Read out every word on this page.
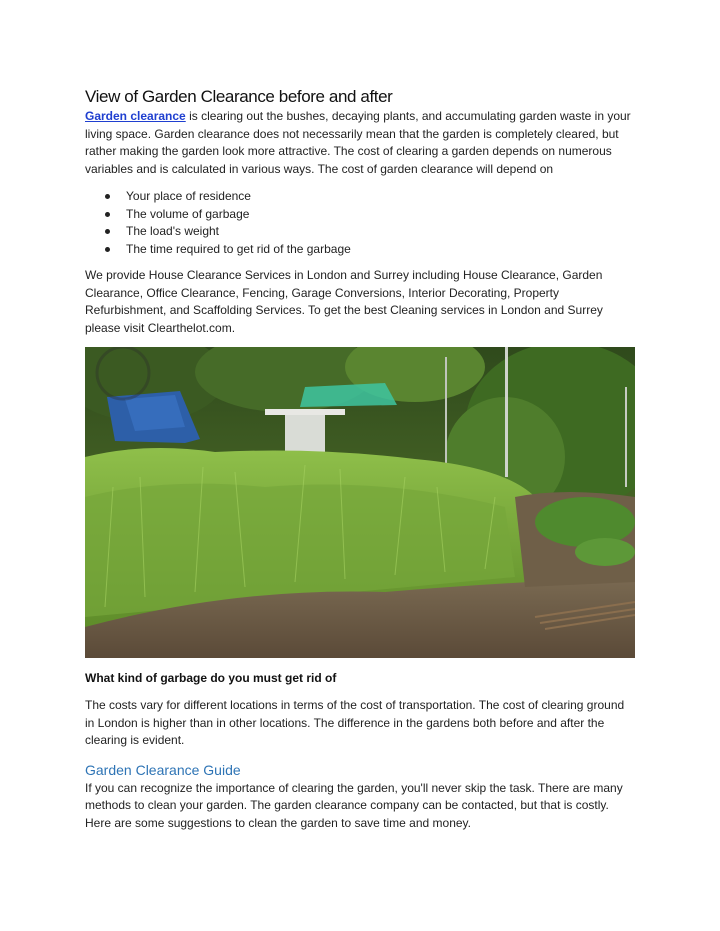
View of Garden Clearance before and after

Garden clearance is clearing out the bushes, decaying plants, and accumulating garden waste in your living space. Garden clearance does not necessarily mean that the garden is completely cleared, but rather making the garden look more attractive. The cost of clearing a garden depends on numerous variables and is calculated in various ways. The cost of garden clearance will depend on

Your place of residence
The volume of garbage
The load's weight
The time required to get rid of the garbage

We provide House Clearance Services in London and Surrey including House Clearance, Garden Clearance, Office Clearance, Fencing, Garage Conversions, Interior Decorating, Property Refurbishment, and Scaffolding Services. To get the best Cleaning services in London and Surrey please visit Clearthelot.com.

What kind of garbage do you must get rid of

The costs vary for different locations in terms of the cost of transportation. The cost of clearing ground in London is higher than in other locations. The difference in the gardens both before and after the clearing is evident.

Garden Clearance Guide

If you can recognize the importance of clearing the garden, you'll never skip the task. There are many methods to clean your garden. The garden clearance company can be contacted, but that is costly. Here are some suggestions to clean the garden to save time and money.
